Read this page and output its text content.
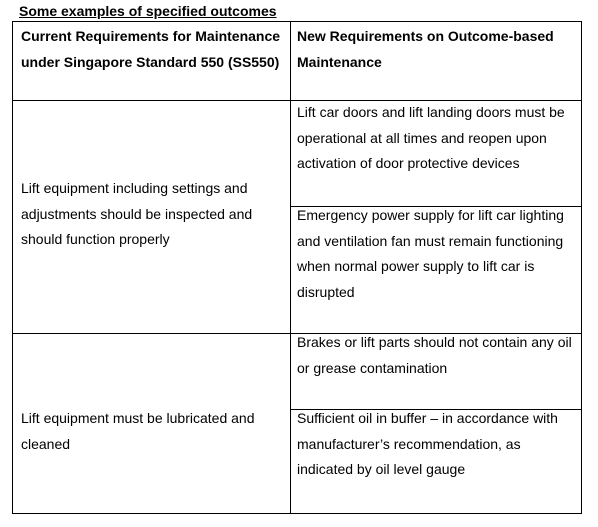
Some examples of specified outcomes
Current Requirements for Maintenance under Singapore Standard 550 (SS550)
New Requirements on Outcome-based Maintenance
Lift equipment including settings and adjustments should be inspected and should function properly
Lift car doors and lift landing doors must be operational at all times and reopen upon activation of door protective devices
Emergency power supply for lift car lighting and ventilation fan must remain functioning when normal power supply to lift car is disrupted
Lift equipment must be lubricated and cleaned
Brakes or lift parts should not contain any oil or grease contamination
Sufficient oil in buffer – in accordance with manufacturer’s recommendation, as indicated by oil level gauge
